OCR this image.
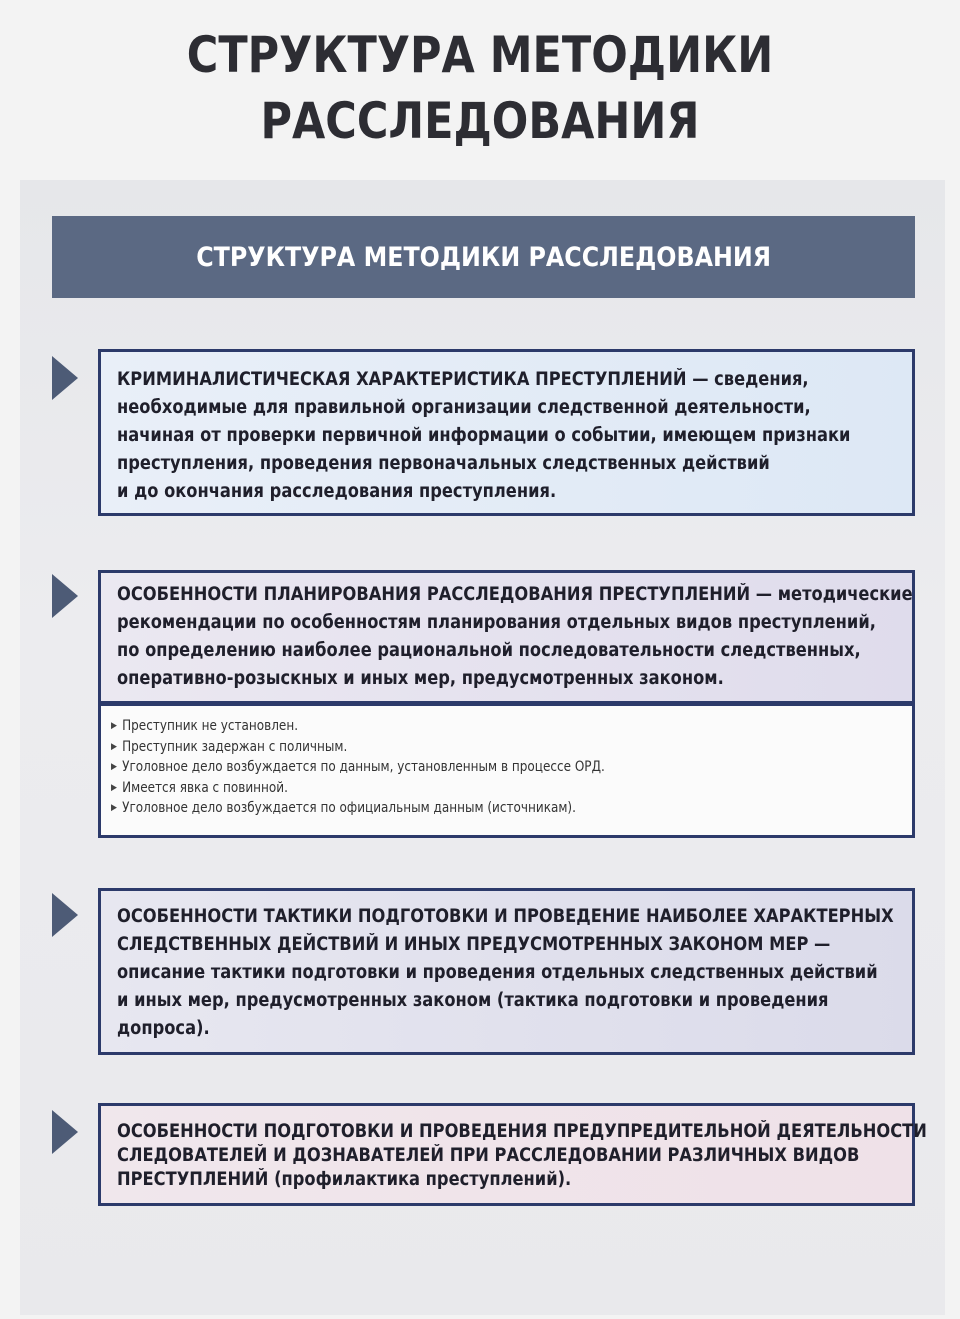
СТРУКТУРА МЕТОДИКИ
РАССЛЕДОВАНИЯ
СТРУКТУРА МЕТОДИКИ РАССЛЕДОВАНИЯ

КРИМИНАЛИСТИЧЕСКАЯ ХАРАКТЕРИСТИКА ПРЕСТУПЛЕНИЙ — сведения,

необходимые для правильной организации следственной деятельности,

начиная от проверки первичной информации о событии, имеющем признаки

преступления, проведения первоначальных следственных действий

и до окончания расследования преступления.

ОСОБЕННОСТИ ПЛАНИРОВАНИЯ РАССЛЕДОВАНИЯ ПРЕСТУПЛЕНИЙ — методические

рекомендации по особенностям планирования отдельных видов преступлений,

по определению наиболее рациональной последовательности следственных,

оперативно-розыскных и иных мер, предусмотренных законом.

▶ Преступник не установлен.
▶ Преступник задержан с поличным.
▶ Уголовное дело возбуждается по данным, установленным в процессе ОРД.
▶ Имеется явка с повинной.
▶ Уголовное дело возбуждается по официальным данным (источникам).

ОСОБЕННОСТИ ТАКТИКИ ПОДГОТОВКИ И ПРОВЕДЕНИЕ НАИБОЛЕЕ ХАРАКТЕРНЫХ

СЛЕДСТВЕННЫХ ДЕЙСТВИЙ И ИНЫХ ПРЕДУСМОТРЕННЫХ ЗАКОНОМ МЕР —

описание тактики подготовки и проведения отдельных следственных действий

и иных мер, предусмотренных законом (тактика подготовки и проведения

допроса).

ОСОБЕННОСТИ ПОДГОТОВКИ И ПРОВЕДЕНИЯ ПРЕДУПРЕДИТЕЛЬНОЙ ДЕЯТЕЛЬНОСТИ

СЛЕДОВАТЕЛЕЙ И ДОЗНАВАТЕЛЕЙ ПРИ РАССЛЕДОВАНИИ РАЗЛИЧНЫХ ВИДОВ

ПРЕСТУПЛЕНИЙ (профилактика преступлений).
